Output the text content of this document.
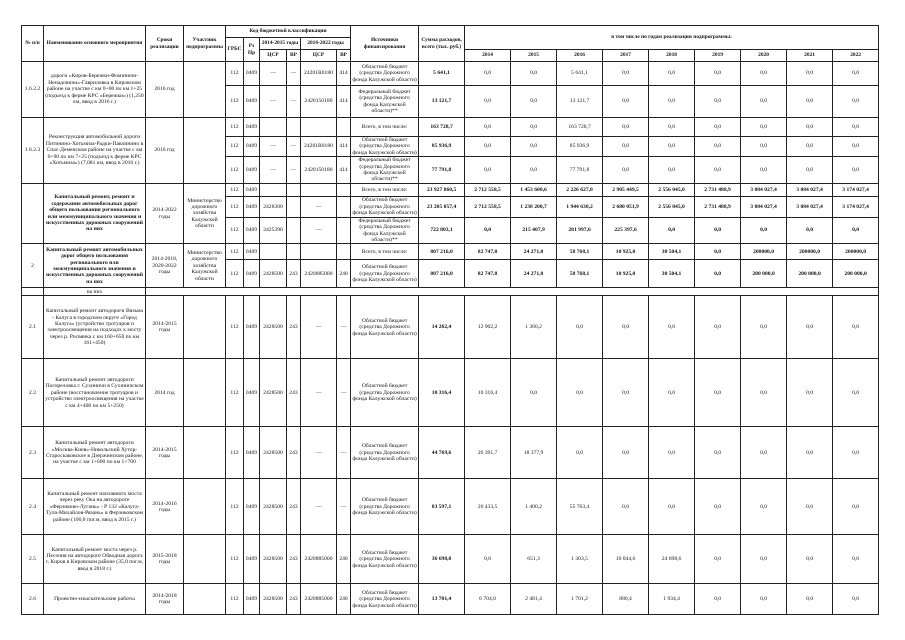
№ п/п	Наименование основного мероприятия	Сроки реализации	Участник подпрограммы	Код бюджетной классификации						Источники финансирования	Сумма расходов, всего (тыс. руб.)	в том числе по годам реализации подпрограммы:								
				ГРБС	Рз Пр	2014-2015 годы		2016-2022 годы												
						ЦСР	ВР	ЦСР	ВР			2014	2015	2016	2017	2018	2019	2020	2021	2022
1.6.2.2	дороги «Киров-Бережки-Фоминичи-Ненадовичи»-Гавриловка в Кировском районе на участке с км 0+00 по км 1+25 (подъезд к ферме КРС «Бережки») (1,250 км, ввод в 2016 г.)	2016 год		112	0409	—	—	24201R0180	414	Областной бюджет (средства Дорожного фонда Калужской области)	5 641,1	0,0	0,0	5 641,1	0,0	0,0	0,0	0,0	0,0	0,0
				112	0409	—	—	2420150180	414	Федеральный бюджет (средства Дорожного фонда Калужской области)**	13 121,7	0,0	0,0	13 121,7	0,0	0,0	0,0	0,0	0,0	0,0
1.6.2.3	Реконструкция автомобильной дороги Питинино-Хотьмиза-Радки-Павлинино в Спас-Деменском районе на участке с км 0+90 по км 7+25 (подъезд к ферме КРС «Хотьмиза») (7,081 км, ввод в 2016 г.)	2016 год		112	0409					Всего, в том числе:	163 728,7	0,0	0,0	163 728,7	0,0	0,0	0,0	0,0	0,0	0,0
				112	0409	—	—	24201R0180	414	Областной бюджет (средства Дорожного фонда Калужской области)	85 936,9	0,0	0,0	85 936,9	0,0	0,0	0,0	0,0	0,0	0,0
				112	0409	—	—	2420150180	414	Федеральный бюджет (средства Дорожного фонда Калужской области)**	77 791,8	0,0	0,0	77 791,8	0,0	0,0	0,0	0,0	0,0	0,0
	Капитальный ремонт, ремонт и содержание автомобильных дорог общего пользования регионального или межмуниципального значения и искусственных дорожных сооружений на них	2014-2022 годы	Министерство дорожного хозяйства Калужской области	112	0409					Всего, в том числе:	23 927 860,5	2 712 558,5	1 453 608,6	2 226 627,8	2 905 449,5	2 556 045,0	2 731 488,9	3 084 027,4	3 084 027,4	3 174 027,4
				112	0409	2428300		—		Областной бюджет (средства Дорожного фонда Калужской области)	23 205 057,4	2 712 558,5	1 238 200,7	1 944 630,2	2 680 051,9	2 556 045,0	2 731 488,9	3 084 027,4	3 084 027,4	3 174 027,4
				112	0409	2425390		—		Федеральный бюджет (средства Дорожного фонда Калужской области)**	722 803,1	0,0	215 407,9	281 997,6	225 397,6	0,0	0,0	0,0	0,0	0,0
2	Капитальный ремонт автомобильных дорог общего пользования регионального или межмуниципального значения и искусственных дорожных сооружений на них	2014-2018, 2020-2022 годы	Министерство дорожного хозяйства Калужской области	112	0409					Всего, в том числе:	807 216,0	82 747,8	24 271,0	58 768,1	10 925,0	30 504,1	0,0	200000,0	200000,0	200000,0
				112	0409	2428500	243	2420885000	240	Областной бюджет (средства Дорожного фонда Калужской области)	807 216,0	82 747,8	24 271,0	58 768,1	10 925,0	30 504,1	0,0	200 000,0	200 000,0	200 000,0
	на них																			
2.1	Капитальный ремонт автодороги Вязьма - Калуга в городском округе «Город Калуга» (устройство тротуаров и электроосвещения на подходах к мосту через р. Росвянка с км 160+650 по км 161+450)	2014-2015 годы		112	0409	2428500	243	—	—	Областной бюджет (средства Дорожного фонда Калужской области)	14 262,4	12 902,2	1 360,2	0,0	0,0	0,0	0,0	0,0	0,0	0,0
2.2	Капитальный ремонт автодороги Погореловка г. Сухиничи в Сухиничском районе (восстановление тротуаров и устройство электроосвещения на участке с км 4+400 по км 5+250)	2014 год		112	0409	2428500	243	—	—	Областной бюджет (средства Дорожного фонда Калужской области)	10 316,4	10 316,4	0,0	0,0	0,0	0,0	0,0	0,0	0,0	0,0
2.3	Капитальный ремонт автодороги «Москва-Киев»-Никольский Хутор-Староскаковское в Дзержинском районе, на участке с км 1+600 по км 1+700	2014-2015 годы		112	0409	2428500	243	—	—	Областной бюджет (средства Дорожного фонда Калужской области)	44 769,6	26 391,7	18 377,9	0,0	0,0	0,0	0,0	0,0	0,0	0,0
2.4	Капитальный ремонт наплавного моста через реку Ока на автодороге «Ферзиково-Лугань» - Р 132 «Калуга-Тула-Михайлов-Рязань» в Ферзиковском районе (100,8 пог.м, ввод в 2015 г.)	2014-2016 годы		112	0409	2428500	243	—	—	Областной бюджет (средства Дорожного фонда Калужской области)	83 597,1	26 433,5	1 400,2	55 763,4	0,0	0,0	0,0	0,0	0,0	0,0
2.5	Капитальный ремонт моста через р. Песочня на автодороге Обводная дорога г. Киров в Кировском районе (35,0 пог.м, ввод в 2018 г.)	2015-2018 годы		112	0409	2428500	243	2420885000	240	Областной бюджет (средства Дорожного фонда Калужской области)	36 698,0	0,0	651,3	1 303,5	10 044,6	24 698,6	0,0	0,0	0,0	0,0
2.6	Проектно-изыскательские работы	2014-2018 годы		112	0409	2428500	243	2420885000	240	Областной бюджет (средства Дорожного фонда Калужской области)	13 701,4	6 704,0	2 481,4	1 701,2	880,4	1 934,4	0,0	0,0	0,0	0,0
